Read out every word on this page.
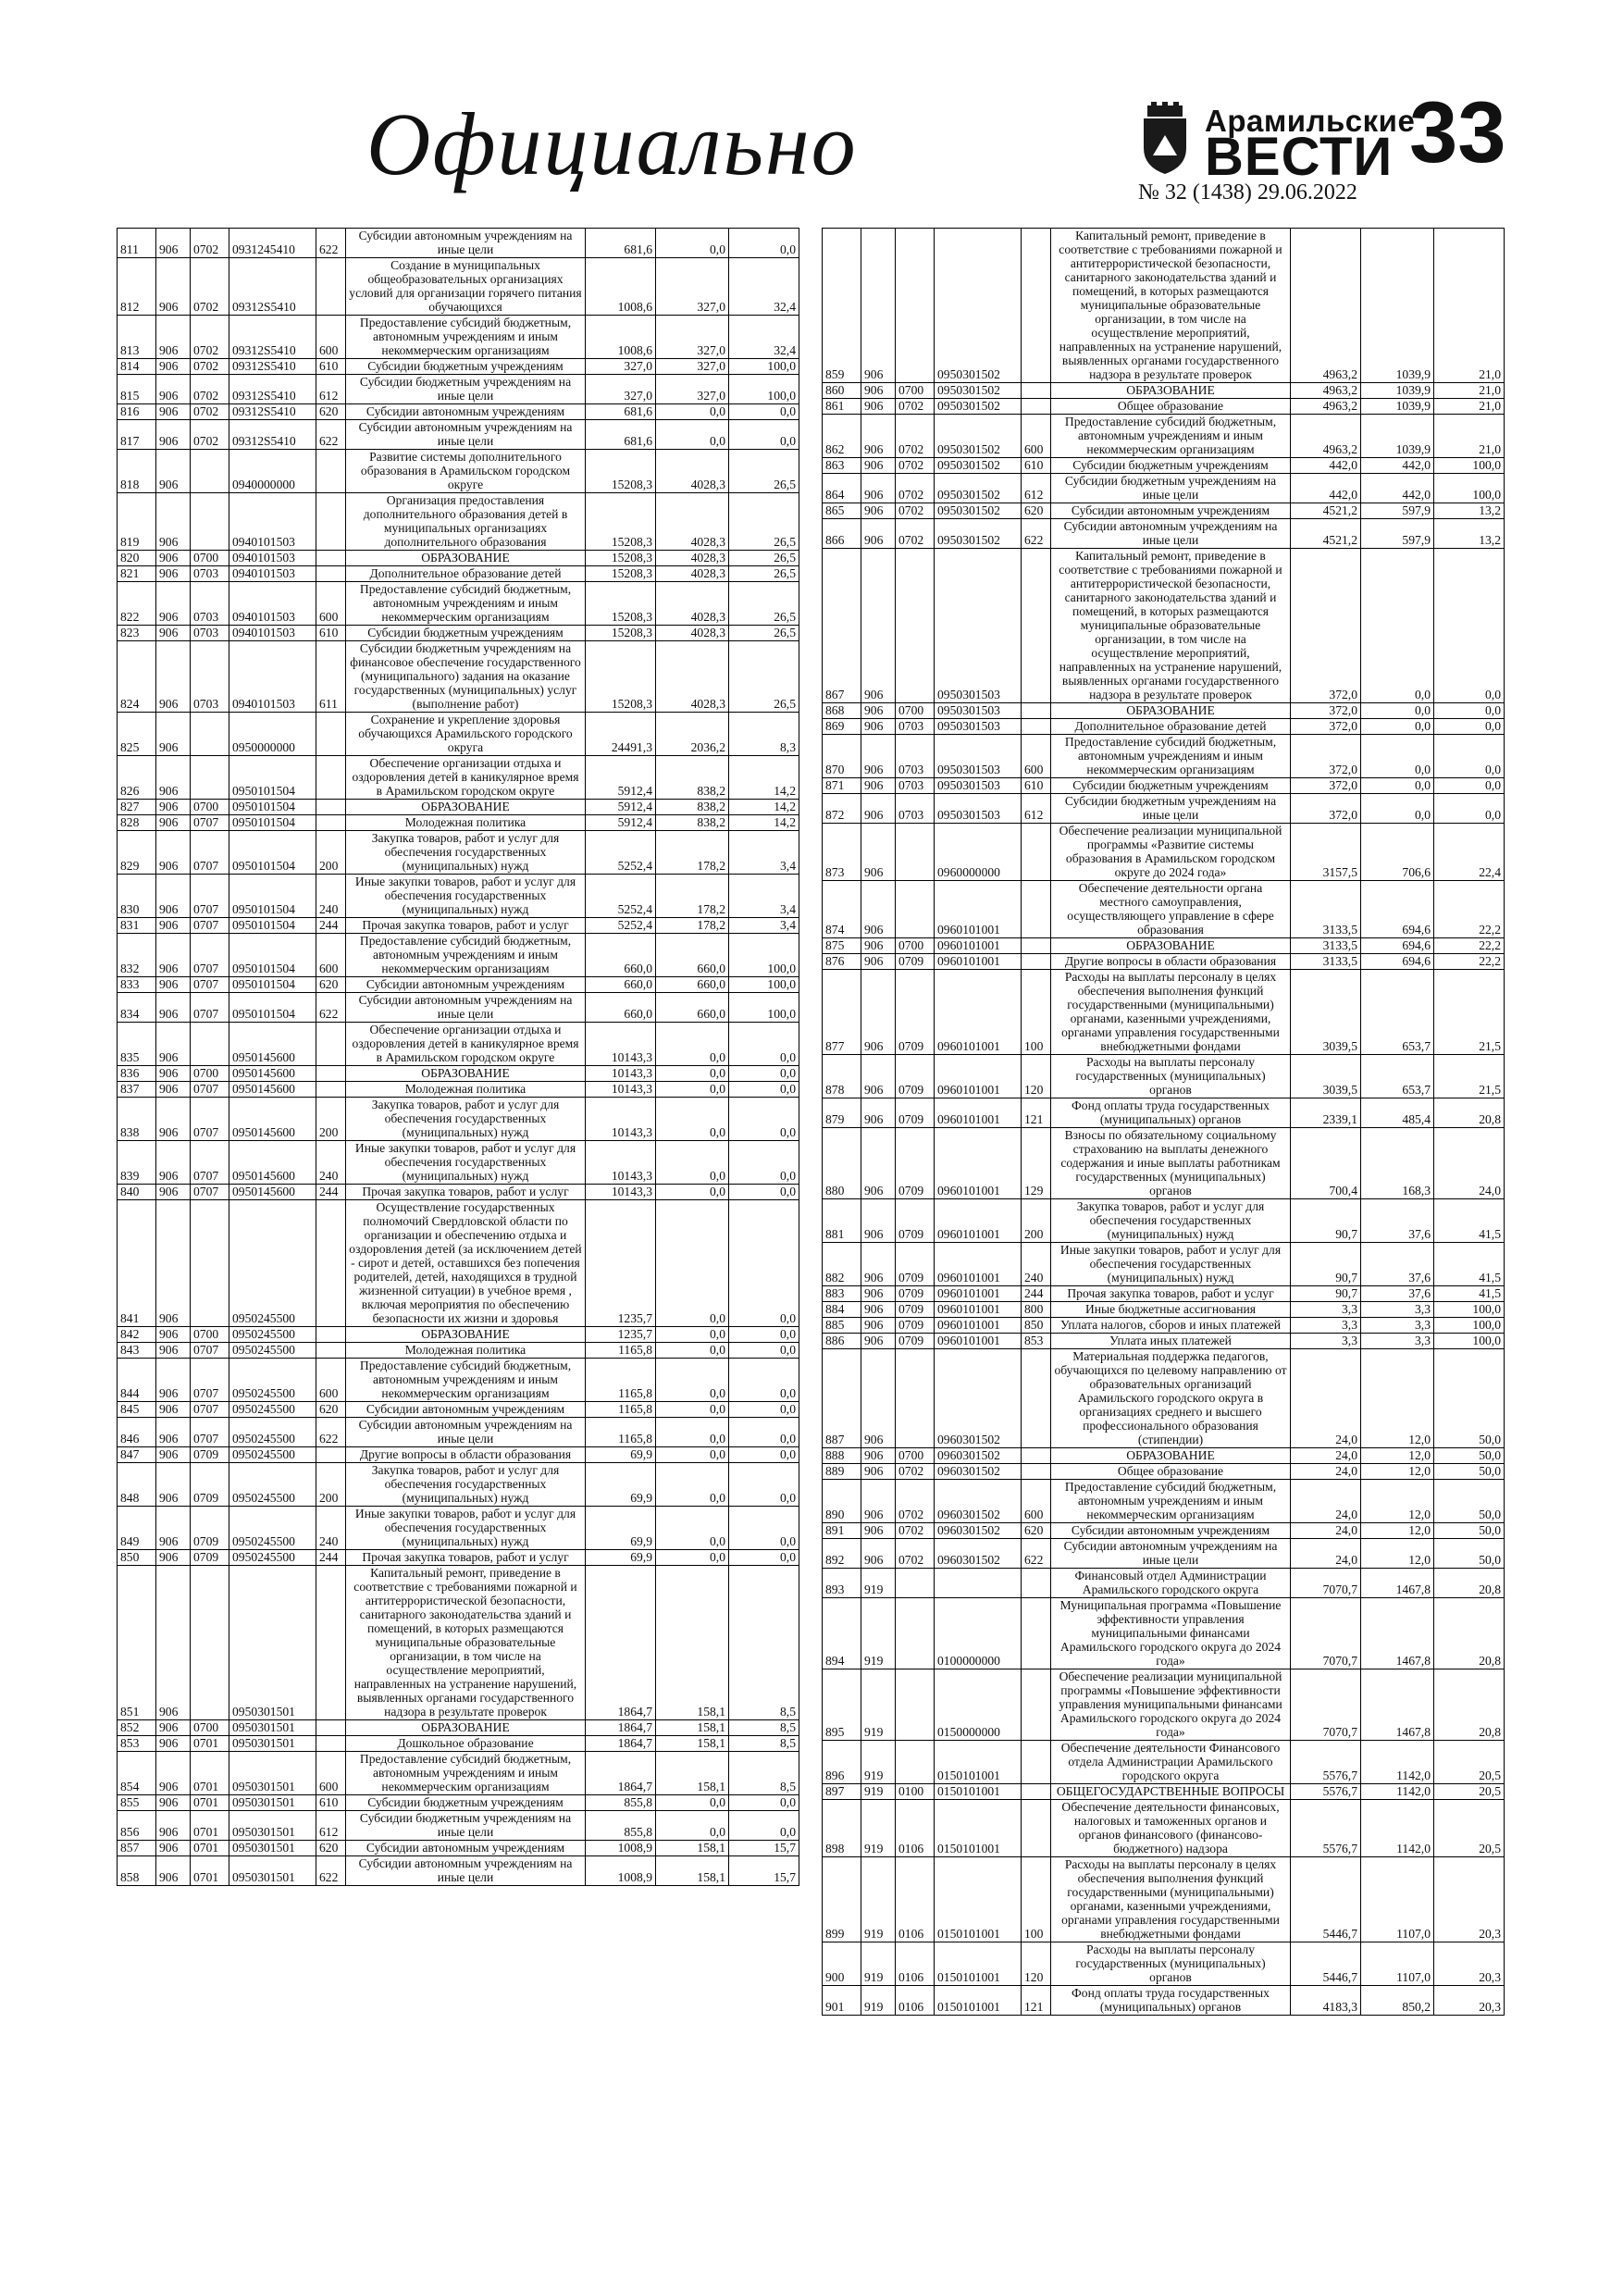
Официально	Арамильские
ВЕСТИ
№ 32 (1438) 29.06.2022
33
811	906	0702	0931245410	622	Субсидии автономным учреждениям на иные цели	681,6	0,0	0,0
812	906	0702	09312S5410		Создание в муниципальных общеобразовательных организациях условий для организации горячего питания обучающихся	1008,6	327,0	32,4
813	906	0702	09312S5410	600	Предоставление субсидий бюджетным, автономным учреждениям и иным некоммерческим организациям	1008,6	327,0	32,4
814	906	0702	09312S5410	610	Субсидии бюджетным учреждениям	327,0	327,0	100,0
815	906	0702	09312S5410	612	Субсидии бюджетным учреждениям на иные цели	327,0	327,0	100,0
816	906	0702	09312S5410	620	Субсидии автономным учреждениям	681,6	0,0	0,0
817	906	0702	09312S5410	622	Субсидии автономным учреждениям на иные цели	681,6	0,0	0,0
818	906		0940000000		Развитие системы дополнительного образования в Арамильском городском округе	15208,3	4028,3	26,5
819	906		0940101503		Организация предоставления дополнительного образования детей в муниципальных организациях дополнительного образования	15208,3	4028,3	26,5
820	906	0700	0940101503		ОБРАЗОВАНИЕ	15208,3	4028,3	26,5
821	906	0703	0940101503		Дополнительное образование детей	15208,3	4028,3	26,5
822	906	0703	0940101503	600	Предоставление субсидий бюджетным, автономным учреждениям и иным некоммерческим организациям	15208,3	4028,3	26,5
823	906	0703	0940101503	610	Субсидии бюджетным учреждениям	15208,3	4028,3	26,5
824	906	0703	0940101503	611	Субсидии бюджетным учреждениям на финансовое обеспечение государственного (муниципального) задания на оказание государственных (муниципальных) услуг (выполнение работ)	15208,3	4028,3	26,5
825	906		0950000000		Сохранение и укрепление здоровья обучающихся Арамильского городского округа	24491,3	2036,2	8,3
826	906		0950101504		Обеспечение организации отдыха и оздоровления детей в каникулярное время в Арамильском городском округе	5912,4	838,2	14,2
827	906	0700	0950101504		ОБРАЗОВАНИЕ	5912,4	838,2	14,2
828	906	0707	0950101504		Молодежная политика	5912,4	838,2	14,2
829	906	0707	0950101504	200	Закупка товаров, работ и услуг для обеспечения государственных (муниципальных) нужд	5252,4	178,2	3,4
830	906	0707	0950101504	240	Иные закупки товаров, работ и услуг для обеспечения государственных (муниципальных) нужд	5252,4	178,2	3,4
831	906	0707	0950101504	244	Прочая закупка товаров, работ и услуг	5252,4	178,2	3,4
832	906	0707	0950101504	600	Предоставление субсидий бюджетным, автономным учреждениям и иным некоммерческим организациям	660,0	660,0	100,0
833	906	0707	0950101504	620	Субсидии автономным учреждениям	660,0	660,0	100,0
834	906	0707	0950101504	622	Субсидии автономным учреждениям на иные цели	660,0	660,0	100,0
835	906		0950145600		Обеспечение организации отдыха и оздоровления детей в каникулярное время в Арамильском городском округе	10143,3	0,0	0,0
836	906	0700	0950145600		ОБРАЗОВАНИЕ	10143,3	0,0	0,0
837	906	0707	0950145600		Молодежная политика	10143,3	0,0	0,0
838	906	0707	0950145600	200	Закупка товаров, работ и услуг для обеспечения государственных (муниципальных) нужд	10143,3	0,0	0,0
839	906	0707	0950145600	240	Иные закупки товаров, работ и услуг для обеспечения государственных (муниципальных) нужд	10143,3	0,0	0,0
840	906	0707	0950145600	244	Прочая закупка товаров, работ и услуг	10143,3	0,0	0,0
841	906		0950245500		Осуществление государственных полномочий Свердловской области по организации и обеспечению отдыха и оздоровления детей (за исключением детей - сирот и детей, оставшихся без попечения родителей, детей, находящихся в трудной жизненной ситуации) в учебное время , включая мероприятия по обеспечению безопасности их жизни и здоровья	1235,7	0,0	0,0
842	906	0700	0950245500		ОБРАЗОВАНИЕ	1235,7	0,0	0,0
843	906	0707	0950245500		Молодежная политика	1165,8	0,0	0,0
844	906	0707	0950245500	600	Предоставление субсидий бюджетным, автономным учреждениям и иным некоммерческим организациям	1165,8	0,0	0,0
845	906	0707	0950245500	620	Субсидии автономным учреждениям	1165,8	0,0	0,0
846	906	0707	0950245500	622	Субсидии автономным учреждениям на иные цели	1165,8	0,0	0,0
847	906	0709	0950245500		Другие вопросы в области образования	69,9	0,0	0,0
848	906	0709	0950245500	200	Закупка товаров, работ и услуг для обеспечения государственных (муниципальных) нужд	69,9	0,0	0,0
849	906	0709	0950245500	240	Иные закупки товаров, работ и услуг для обеспечения государственных (муниципальных) нужд	69,9	0,0	0,0
850	906	0709	0950245500	244	Прочая закупка товаров, работ и услуг	69,9	0,0	0,0
851	906		0950301501		Капитальный ремонт, приведение в соответствие с требованиями пожарной и антитеррористической безопасности, санитарного законодательства зданий и помещений, в которых размещаются муниципальные образовательные организации, в том числе на осуществление мероприятий, направленных на устранение нарушений, выявленных органами государственного надзора в результате проверок	1864,7	158,1	8,5
852	906	0700	0950301501		ОБРАЗОВАНИЕ	1864,7	158,1	8,5
853	906	0701	0950301501		Дошкольное образование	1864,7	158,1	8,5
854	906	0701	0950301501	600	Предоставление субсидий бюджетным, автономным учреждениям и иным некоммерческим организациям	1864,7	158,1	8,5
855	906	0701	0950301501	610	Субсидии бюджетным учреждениям	855,8	0,0	0,0
856	906	0701	0950301501	612	Субсидии бюджетным учреждениям на иные цели	855,8	0,0	0,0
857	906	0701	0950301501	620	Субсидии автономным учреждениям	1008,9	158,1	15,7
858	906	0701	0950301501	622	Субсидии автономным учреждениям на иные цели	1008,9	158,1	15,7
859	906		0950301502		Капитальный ремонт, приведение в соответствие с требованиями пожарной и антитеррористической безопасности, санитарного законодательства зданий и помещений, в которых размещаются муниципальные образовательные организации, в том числе на осуществление мероприятий, направленных на устранение нарушений, выявленных органами государственного надзора в результате проверок	4963,2	1039,9	21,0
860	906	0700	0950301502		ОБРАЗОВАНИЕ	4963,2	1039,9	21,0
861	906	0702	0950301502		Общее образование	4963,2	1039,9	21,0
862	906	0702	0950301502	600	Предоставление субсидий бюджетным, автономным учреждениям и иным некоммерческим организациям	4963,2	1039,9	21,0
863	906	0702	0950301502	610	Субсидии бюджетным учреждениям	442,0	442,0	100,0
864	906	0702	0950301502	612	Субсидии бюджетным учреждениям на иные цели	442,0	442,0	100,0
865	906	0702	0950301502	620	Субсидии автономным учреждениям	4521,2	597,9	13,2
866	906	0702	0950301502	622	Субсидии автономным учреждениям на иные цели	4521,2	597,9	13,2
867	906		0950301503		Капитальный ремонт, приведение в соответствие с требованиями пожарной и антитеррористической безопасности, санитарного законодательства зданий и помещений, в которых размещаются муниципальные образовательные организации, в том числе на осуществление мероприятий, направленных на устранение нарушений, выявленных органами государственного надзора в результате проверок	372,0	0,0	0,0
868	906	0700	0950301503		ОБРАЗОВАНИЕ	372,0	0,0	0,0
869	906	0703	0950301503		Дополнительное образование детей	372,0	0,0	0,0
870	906	0703	0950301503	600	Предоставление субсидий бюджетным, автономным учреждениям и иным некоммерческим организациям	372,0	0,0	0,0
871	906	0703	0950301503	610	Субсидии бюджетным учреждениям	372,0	0,0	0,0
872	906	0703	0950301503	612	Субсидии бюджетным учреждениям на иные цели	372,0	0,0	0,0
873	906		0960000000		Обеспечение реализации муниципальной программы «Развитие системы образования в Арамильском городском округе до 2024 года»	3157,5	706,6	22,4
874	906		0960101001		Обеспечение деятельности органа местного самоуправления, осуществляющего управление в сфере образования	3133,5	694,6	22,2
875	906	0700	0960101001		ОБРАЗОВАНИЕ	3133,5	694,6	22,2
876	906	0709	0960101001		Другие вопросы в области образования	3133,5	694,6	22,2
877	906	0709	0960101001	100	Расходы на выплаты персоналу в целях обеспечения выполнения функций государственными (муниципальными) органами, казенными учреждениями, органами управления государственными внебюджетными фондами	3039,5	653,7	21,5
878	906	0709	0960101001	120	Расходы на выплаты персоналу государственных (муниципальных) органов	3039,5	653,7	21,5
879	906	0709	0960101001	121	Фонд оплаты труда государственных (муниципальных) органов	2339,1	485,4	20,8
880	906	0709	0960101001	129	Взносы по обязательному социальному страхованию на выплаты денежного содержания и иные выплаты работникам государственных (муниципальных) органов	700,4	168,3	24,0
881	906	0709	0960101001	200	Закупка товаров, работ и услуг для обеспечения государственных (муниципальных) нужд	90,7	37,6	41,5
882	906	0709	0960101001	240	Иные закупки товаров, работ и услуг для обеспечения государственных (муниципальных) нужд	90,7	37,6	41,5
883	906	0709	0960101001	244	Прочая закупка товаров, работ и услуг	90,7	37,6	41,5
884	906	0709	0960101001	800	Иные бюджетные ассигнования	3,3	3,3	100,0
885	906	0709	0960101001	850	Уплата налогов, сборов и иных платежей	3,3	3,3	100,0
886	906	0709	0960101001	853	Уплата иных платежей	3,3	3,3	100,0
887	906		0960301502		Материальная поддержка педагогов, обучающихся по целевому направлению от образовательных организаций Арамильского городского округа в организациях среднего и высшего профессионального образования (стипендии)	24,0	12,0	50,0
888	906	0700	0960301502		ОБРАЗОВАНИЕ	24,0	12,0	50,0
889	906	0702	0960301502		Общее образование	24,0	12,0	50,0
890	906	0702	0960301502	600	Предоставление субсидий бюджетным, автономным учреждениям и иным некоммерческим организациям	24,0	12,0	50,0
891	906	0702	0960301502	620	Субсидии автономным учреждениям	24,0	12,0	50,0
892	906	0702	0960301502	622	Субсидии автономным учреждениям на иные цели	24,0	12,0	50,0
893	919				Финансовый отдел Администрации Арамильского городского округа	7070,7	1467,8	20,8
894	919		0100000000		Муниципальная программа «Повышение эффективности управления муниципальными финансами Арамильского городского округа до 2024 года»	7070,7	1467,8	20,8
895	919		0150000000		Обеспечение реализации муниципальной программы «Повышение эффективности управления муниципальными финансами Арамильского городского округа до 2024 года»	7070,7	1467,8	20,8
896	919		0150101001		Обеспечение деятельности Финансового отдела Администрации Арамильского городского округа	5576,7	1142,0	20,5
897	919	0100	0150101001		ОБЩЕГОСУДАРСТВЕННЫЕ ВОПРОСЫ	5576,7	1142,0	20,5
898	919	0106	0150101001		Обеспечение деятельности финансовых, налоговых и таможенных органов и органов финансового (финансово-бюджетного) надзора	5576,7	1142,0	20,5
899	919	0106	0150101001	100	Расходы на выплаты персоналу в целях обеспечения выполнения функций государственными (муниципальными) органами, казенными учреждениями, органами управления государственными внебюджетными фондами	5446,7	1107,0	20,3
900	919	0106	0150101001	120	Расходы на выплаты персоналу государственных (муниципальных) органов	5446,7	1107,0	20,3
901	919	0106	0150101001	121	Фонд оплаты труда государственных (муниципальных) органов	4183,3	850,2	20,3
